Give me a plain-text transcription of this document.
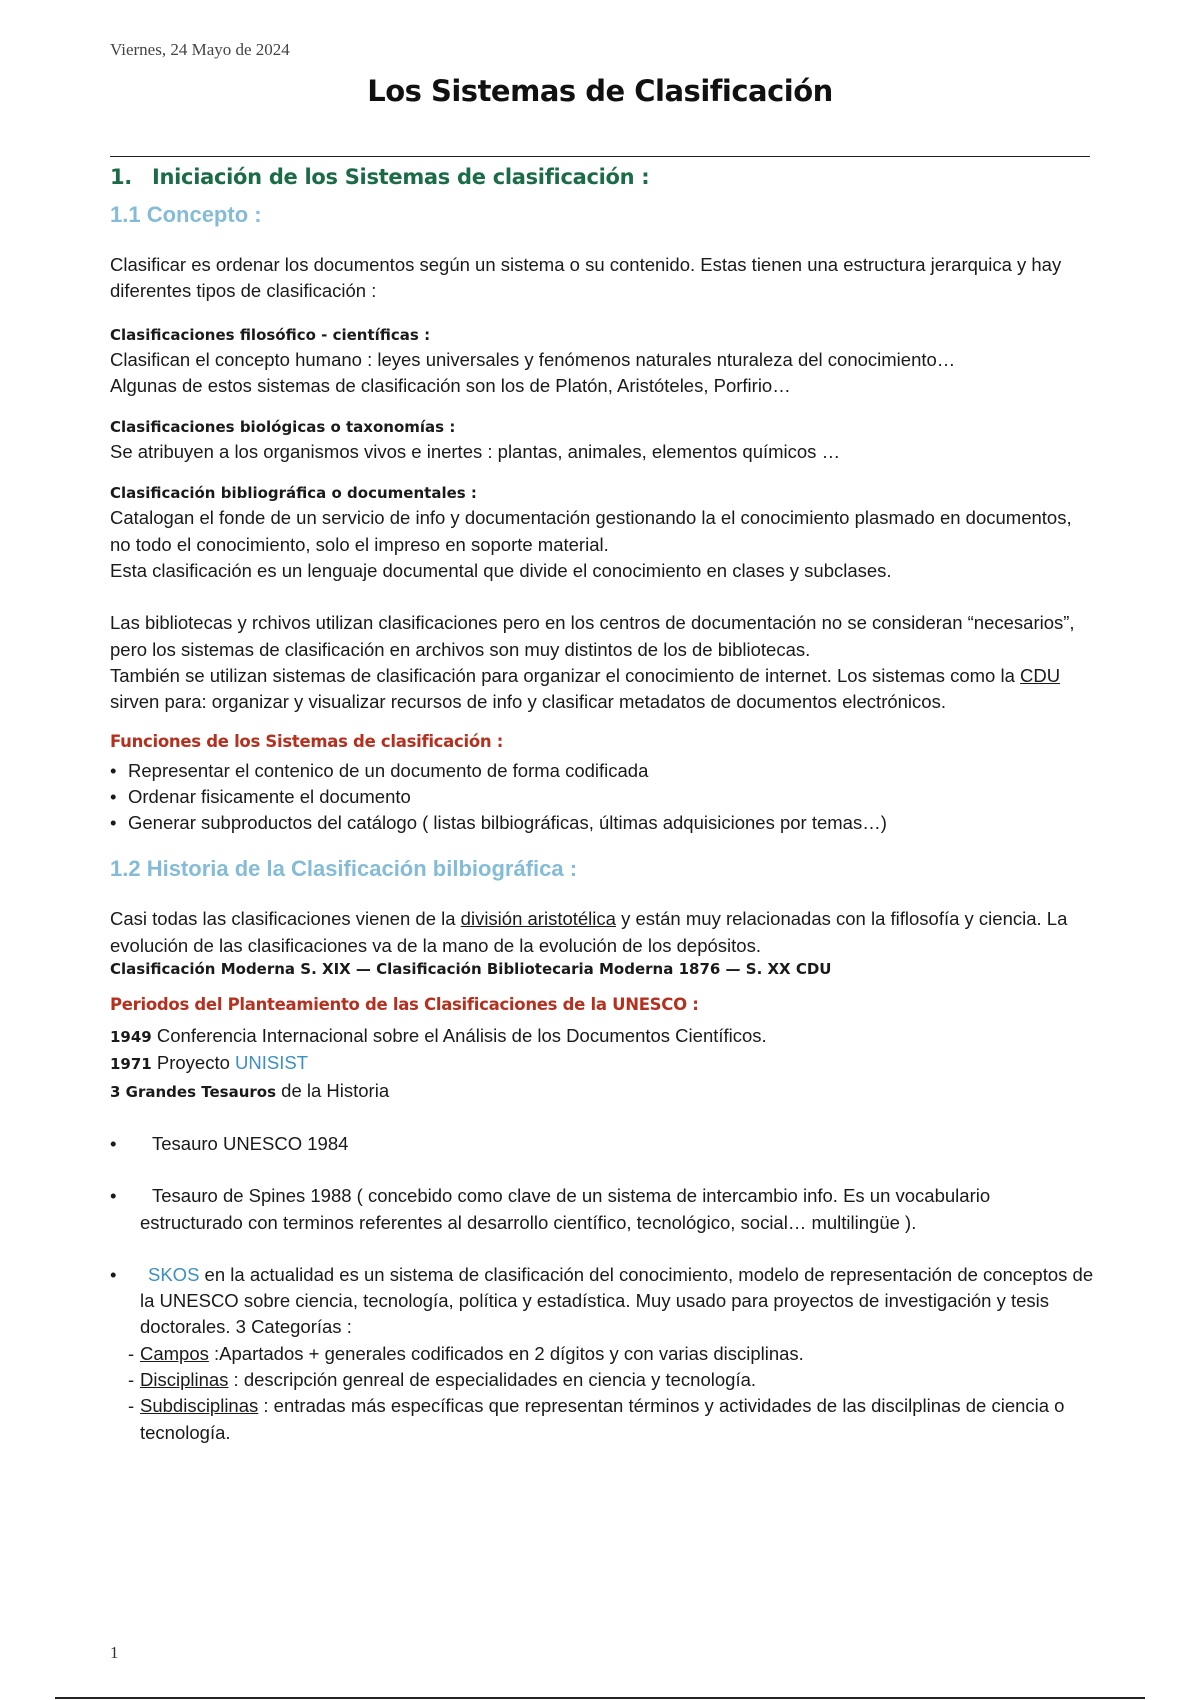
Viernes, 24 Mayo de 2024
Los Sistemas de Clasificación
1. Iniciación de los Sistemas de clasificación :
1.1 Concepto :

Clasificar es ordenar los documentos según un sistema o su contenido. Estas tienen una estructura jerarquica y hay diferentes tipos de clasificación :

Clasificaciones filosófico - científicas :

Clasifican el concepto humano : leyes universales y fenómenos naturales nturaleza del conocimiento…

Algunas de estos sistemas de clasificación son los de Platón, Aristóteles, Porfirio…

Clasificaciones biológicas o taxonomías :

Se atribuyen a los organismos vivos e inertes : plantas, animales, elementos químicos …

Clasificación bibliográfica o documentales :

Catalogan el fonde de un servicio de info y documentación gestionando la el conocimiento plasmado en documentos, no todo el conocimiento, solo el impreso en soporte material.

Esta clasificación es un lenguaje documental que divide el conocimiento en clases y subclases.

Las bibliotecas y rchivos utilizan clasificaciones pero en los centros de documentación no se consideran “necesarios”, pero los sistemas de clasificación en archivos son muy distintos de los de bibliotecas.

También se utilizan sistemas de clasificación para organizar el conocimiento de internet. Los sistemas como la CDU sirven para: organizar y visualizar recursos de info y clasificar metadatos de documentos electrónicos.

Funciones de los Sistemas de clasificación :

• Representar el contenico de un documento de forma codificada
• Ordenar fisicamente el documento
• Generar subproductos del catálogo ( listas bilbiográficas, últimas adquisiciones por temas…)
1.2 Historia de la Clasificación bilbiográfica :

Casi todas las clasificaciones vienen de la división aristotélica y están muy relacionadas con la fiflosofía y ciencia. La evolución de las clasificaciones va de la mano de la evolución de los depósitos.

Clasificación Moderna S. XIX — Clasificación Bibliotecaria Moderna 1876 — S. XX CDU

Periodos del Planteamiento de las Clasificaciones de la UNESCO :

1949 Conferencia Internacional sobre el Análisis de los Documentos Científicos.

1971 Proyecto UNISIST

3 Grandes Tesauros de la Historia

• Tesauro UNESCO 1984

• Tesauro de Spines 1988 ( concebido como clave de un sistema de intercambio info. Es un vocabulario estructurado con terminos referentes al desarrollo científico, tecnológico, social… multilingüe ).

• SKOS en la actualidad es un sistema de clasificación del conocimiento, modelo de representación de conceptos de la UNESCO sobre ciencia, tecnología, política y estadística. Muy usado para proyectos de investigación y tesis doctorales. 3 Categorías :

- Campos :Apartados + generales codificados en 2 dígitos y con varias disciplinas.

- Disciplinas : descripción genreal de especialidades en ciencia y tecnología.

- Subdisciplinas : entradas más específicas que representan términos y actividades de las discilplinas de ciencia o tecnología.

1
